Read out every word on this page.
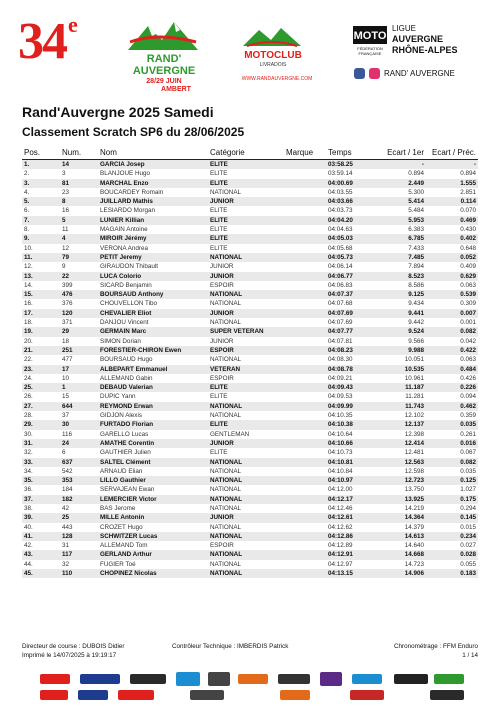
34e
RAND'
AUVERGNE
28/29 JUIN
AMBERT
MOTOCLUB
LIVRADOIS
WWW.RANDAUVERGNE.COM
MOTO
FÉDÉRATION
FRANÇAISE
LIGUE
AUVERGNE
RHÔNE-ALPES
RAND' AUVERGNE
Rand'Auvergne 2025 Samedi
Classement Scratch SP6 du 28/06/2025
Pos.	Num.	Nom	Catégorie	Marque	Temps	Ecart / 1er	Ecart / Préc.
1.	14	GARCIA Josep	ELITE		03:58.25	-	-
2.	3	BLANJOUE Hugo	ELITE		03:59.14	0.894	0.894
3.	81	MARCHAL Enzo	ELITE		04:00.69	2.449	1.555
4.	23	BOUCARDEY Romain	NATIONAL		04:03.55	5.300	2.851
5.	8	JUILLARD Mathis	JUNIOR		04:03.66	5.414	0.114
6.	16	LESIARDO Morgan	ELITE		04:03.73	5.484	0.070
7.	5	LUNIER Killian	ELITE		04:04.20	5.953	0.469
8.	11	MAGAIN Antoine	ELITE		04:04.63	6.383	0.430
9.	4	MIROIR Jérémy	ELITE		04:05.03	6.785	0.402
10.	12	VERONA Andrea	ELITE		04:05.68	7.433	0.648
11.	79	PETIT Jeremy	NATIONAL		04:05.73	7.485	0.052
12.	9	GIRAUDON Thibault	JUNIOR		04:06.14	7.894	0.409
13.	22	LUCA Colorio	JUNIOR		04:06.77	8.523	0.629
14.	399	SICARD Benjamin	ESPOIR		04:06.83	8.586	0.063
15.	476	BOURSAUD Anthony	NATIONAL		04:07.37	9.125	0.539
16.	376	CHOUVELLON Tibo	NATIONAL		04:07.68	9.434	0.309
17.	120	CHEVALIER Eliot	JUNIOR		04:07.69	9.441	0.007
18.	371	DANJOU Vincent	NATIONAL		04:07.69	9.442	0.001
19.	29	GERMAIN Marc	SUPER VETERAN		04:07.77	9.524	0.082
20.	18	SIMON Dorian	JUNIOR		04:07.81	9.566	0.042
21.	251	FORESTIER-CHIRON Ewen	ESPOIR		04:08.23	9.988	0.422
22.	477	BOURSAUD Hugo	NATIONAL		04:08.30	10.051	0.063
23.	17	ALBEPART Emmanuel	VETERAN		04:08.78	10.535	0.484
24.	10	ALLEMAND Gabin	ESPOIR		04:09.21	10.961	0.426
25.	1	DEBAUD Valerian	ELITE		04:09.43	11.187	0.226
26.	15	DUPIC Yann	ELITE		04:09.53	11.281	0.094
27.	644	REYMOND Erwan	NATIONAL		04:09.99	11.743	0.462
28.	37	GIDJON Alexis	NATIONAL		04:10.35	12.102	0.359
29.	30	FURTADO Florian	ELITE		04:10.38	12.137	0.035
30.	116	GARELLO Lucas	GENTLEMAN		04:10.64	12.398	0.261
31.	24	AMATHE Corentin	JUNIOR		04:10.66	12.414	0.016
32.	6	GAUTHIER Julien	ELITE		04:10.73	12.481	0.067
33.	637	SALTEL Clément	NATIONAL		04:10.81	12.563	0.082
34.	542	ARNAUD Elian	NATIONAL		04:10.84	12.598	0.035
35.	353	LILLO Gauthier	NATIONAL		04:10.97	12.723	0.125
36.	184	SERVAJEAN Ewan	NATIONAL		04:12.00	13.750	1.027
37.	182	LEMERCIER Victor	NATIONAL		04:12.17	13.925	0.175
38.	42	BAS Jerome	NATIONAL		04:12.46	14.219	0.294
39.	25	MILLE Antonin	JUNIOR		04:12.61	14.364	0.145
40.	443	CROZET Hugo	NATIONAL		04:12.62	14.379	0.015
41.	128	SCHWITZER Lucas	NATIONAL		04:12.86	14.613	0.234
42.	31	ALLEMAND Tom	ESPOIR		04:12.89	14.640	0.027
43.	117	GERLAND Arthur	NATIONAL		04:12.91	14.668	0.028
44.	32	FUGIER Toé	NATIONAL		04:12.97	14.723	0.055
45.	110	CHOPINEZ Nicolas	NATIONAL		04:13.15	14.906	0.183
Directeur de course : DUBOIS Didier	Contrôleur Technique : IMBERDIS Patrick	Chronométrage : FFM Enduro
Imprimé le 14/07/2025 à 19:19:17	1 / 14
